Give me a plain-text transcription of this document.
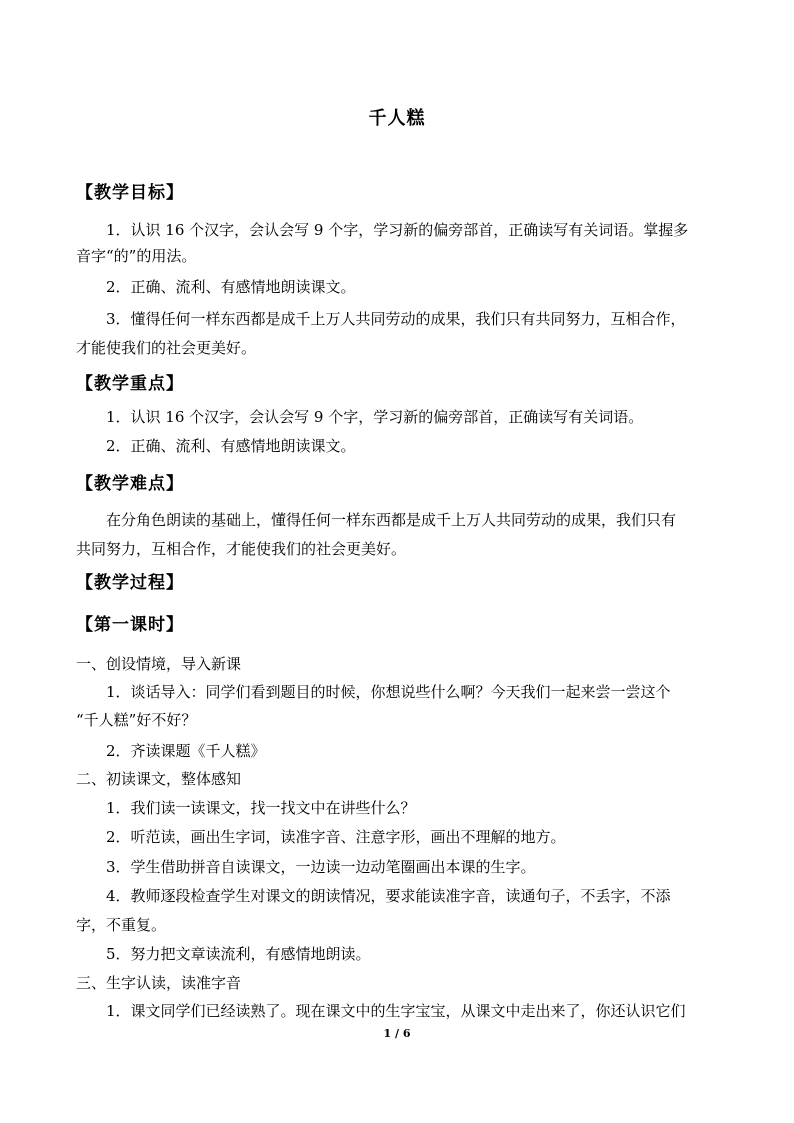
千人糕
【教学目标】
1．认识 16 个汉字，会认会写 9 个字，学习新的偏旁部首，正确读写有关词语。掌握多
音字“的”的用法。
2．正确、流利、有感情地朗读课文。
3．懂得任何一样东西都是成千上万人共同劳动的成果，我们只有共同努力，互相合作，
才能使我们的社会更美好。
【教学重点】
1．认识 16 个汉字，会认会写 9 个字，学习新的偏旁部首，正确读写有关词语。
2．正确、流利、有感情地朗读课文。
【教学难点】
在分角色朗读的基础上，懂得任何一样东西都是成千上万人共同劳动的成果，我们只有
共同努力，互相合作，才能使我们的社会更美好。
【教学过程】
【第一课时】
一、创设情境，导入新课
1．谈话导入：同学们看到题目的时候，你想说些什么啊？今天我们一起来尝一尝这个
“千人糕”好不好？
2．齐读课题《千人糕》
二、初读课文，整体感知
1．我们读一读课文，找一找文中在讲些什么？
2．听范读，画出生字词，读准字音、注意字形，画出不理解的地方。
3．学生借助拼音自读课文，一边读一边动笔圈画出本课的生字。
4．教师逐段检查学生对课文的朗读情况，要求能读准字音，读通句子，不丢字，不添
字，不重复。
5．努力把文章读流利，有感情地朗读。
三、生字认读，读准字音
1．课文同学们已经读熟了。现在课文中的生字宝宝，从课文中走出来了，你还认识它们
1 / 6
